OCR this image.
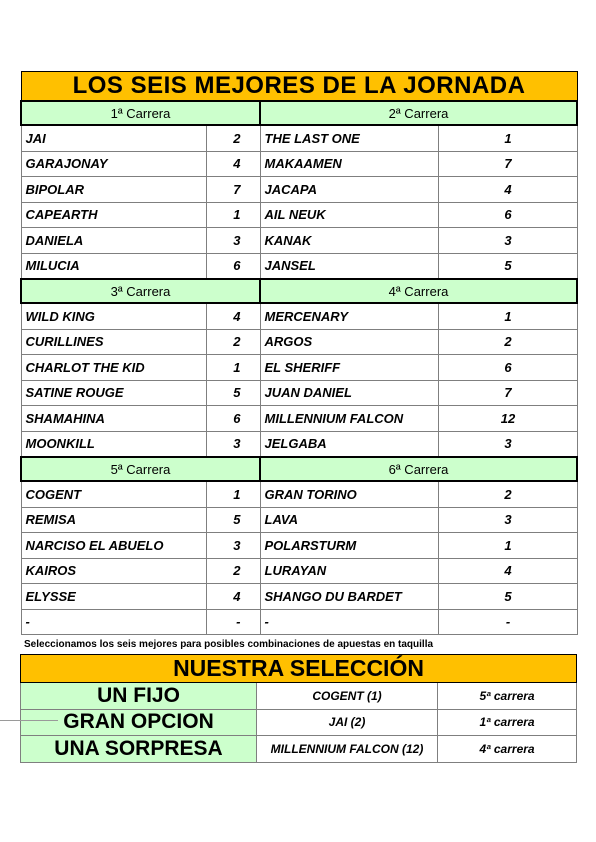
LOS SEIS MEJORES DE LA JORNADA			
1ª Carrera		2ª Carrera	
JAI	2	THE LAST ONE	1
GARAJONAY	4	MAKAAMEN	7
BIPOLAR	7	JACAPA	4
CAPEARTH	1	AIL NEUK	6
DANIELA	3	KANAK	3
MILUCIA	6	JANSEL	5
3ª Carrera		4ª Carrera	
WILD KING	4	MERCENARY	1
CURILLINES	2	ARGOS	2
CHARLOT THE KID	1	EL SHERIFF	6
SATINE ROUGE	5	JUAN DANIEL	7
SHAMAHINA	6	MILLENNIUM FALCON	12
MOONKILL	3	JELGABA	3
5ª Carrera		6ª Carrera	
COGENT	1	GRAN TORINO	2
REMISA	5	LAVA	3
NARCISO EL ABUELO	3	POLARSTURM	1
KAIROS	2	LURAYAN	4
ELYSSE	4	SHANGO DU BARDET	5
-	-	-	-
Seleccionamos los seis mejores para posibles combinaciones de apuestas en taquilla
NUESTRA SELECCIÓN		
UN FIJO	COGENT (1)	5ª carrera
GRAN OPCION	JAI (2)	1ª carrera
UNA SORPRESA	MILLENNIUM FALCON (12)	4ª carrera
